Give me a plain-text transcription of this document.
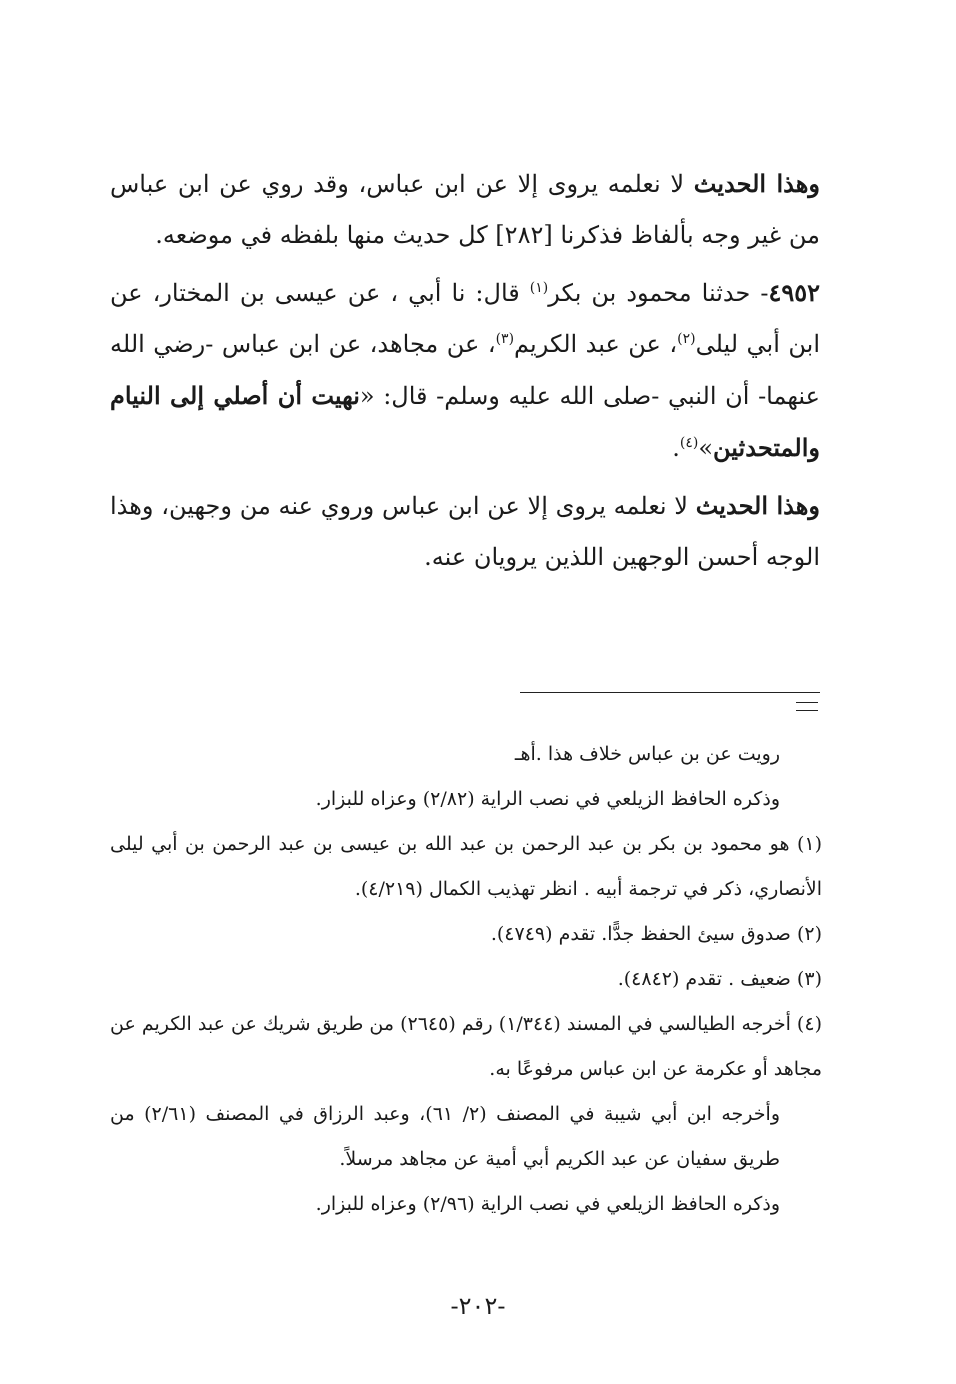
وهذا الحديث لا نعلمه يروى إلا عن ابن عباس، وقد روي عن ابن عباس من غير وجه بألفاظ فذكرنا [٢٨٢] كل حديث منها بلفظه في موضعه.

٤٩٥٢- حدثنا محمود بن بكر$^{(١)}$ قال: نا أبي ، عن عيسى بن المختار، عن ابن أبي ليلى$^{(٢)}$، عن عبد الكريم$^{(٣)}$، عن مجاهد، عن ابن عباس -رضي الله عنهما- أن النبي -صلى الله عليه وسلم- قال: «نهيت أن أصلي إلى النيام والمتحدثين»$^{(٤)}$.

وهذا الحديث لا نعلمه يروى إلا عن ابن عباس وروي عنه من وجهين، وهذا الوجه أحسن الوجهين اللذين يرويان عنه.

رويت عن بن عباس خلاف هذا .أهـ

وذكره الحافظ الزيلعي في نصب الراية (٢/٨٢) وعزاه للبزار.

(١) هو محمود بن بكر بن عبد الرحمن بن عبد الله بن عيسى بن عبد الرحمن بن أبي ليلى الأنصاري، ذكر في ترجمة أبيه . انظر تهذيب الكمال (٤/٢١٩).

(٢) صدوق سيئ الحفظ جدًّا. تقدم (٤٧٤٩).

(٣) ضعيف . تقدم (٤٨٤٢).

(٤) أخرجه الطيالسي في المسند (١/٣٤٤) رقم (٢٦٤٥) من طريق شريك عن عبد الكريم عن مجاهد أو عكرمة عن ابن عباس مرفوعًا به.

وأخرجه ابن أبي شيبة في المصنف (٢/ ٦١)، وعبد الرزاق في المصنف (٢/٦١) من طريق سفيان عن عبد الكريم أبي أمية عن مجاهد مرسلاً.

وذكره الحافظ الزيلعي في نصب الراية (٢/٩٦) وعزاه للبزار.

-٢٠٢-
